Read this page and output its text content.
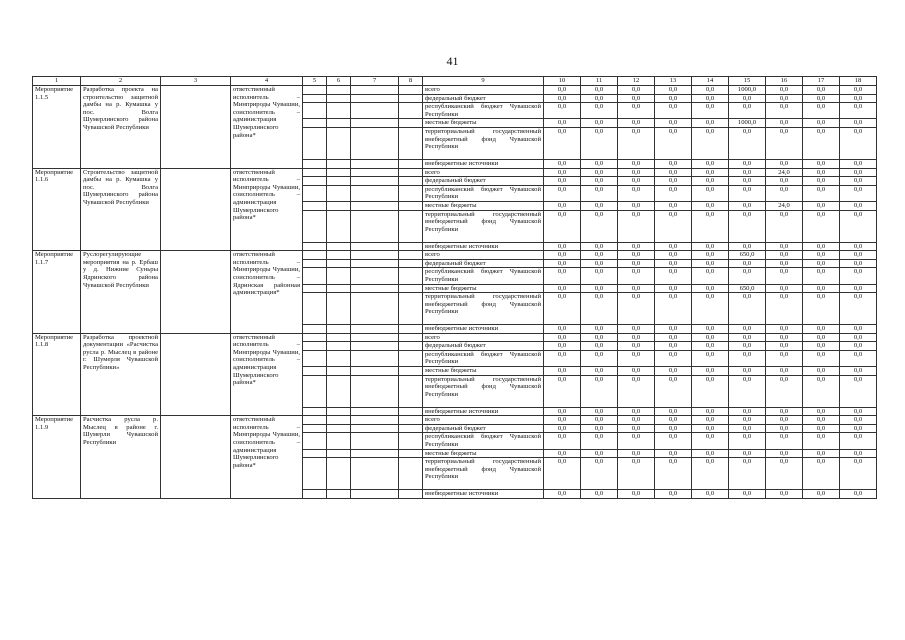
41
1	2	3	4	5	6	7	8	9	10	11	12	13	14	15	16	17	18
Мероприятие 1.1.5	Разработка проекта на строительство защитной дамбы на р. Кумашка у пос. Волга Шумерлинского района Чувашской Республики		ответственный исполнитель – Минприроды Чувашии, соисполнитель – администрация Шумерлинского района*					всего	0,0	0,0	0,0	0,0	0,0	1000,0	0,0	0,0	0,0
								федеральный бюджет	0,0	0,0	0,0	0,0	0,0	0,0	0,0	0,0	0,0
								республиканский бюджет Чувашской Республики	0,0	0,0	0,0	0,0	0,0	0,0	0,0	0,0	0,0
								местные бюджеты	0,0	0,0	0,0	0,0	0,0	1000,0	0,0	0,0	0,0
								территориальный государственный внебюджетный фонд Чувашской Республики	0,0	0,0	0,0	0,0	0,0	0,0	0,0	0,0	0,0
								внебюджетные источники	0,0	0,0	0,0	0,0	0,0	0,0	0,0	0,0	0,0
Мероприятие 1.1.6	Строительство защитной дамбы на р. Кумашка у пос. Волга Шумерлинского района Чувашской Республики		ответственный исполнитель – Минприроды Чувашии, соисполнитель – администрация Шумерлинского района*					всего	0,0	0,0	0,0	0,0	0,0	0,0	24,0	0,0	0,0
								федеральный бюджет	0,0	0,0	0,0	0,0	0,0	0,0	0,0	0,0	0,0
								республиканский бюджет Чувашской Республики	0,0	0,0	0,0	0,0	0,0	0,0	0,0	0,0	0,0
								местные бюджеты	0,0	0,0	0,0	0,0	0,0	0,0	24,0	0,0	0,0
								территориальный государственный внебюджетный фонд Чувашской Республики	0,0	0,0	0,0	0,0	0,0	0,0	0,0	0,0	0,0
								внебюджетные источники	0,0	0,0	0,0	0,0	0,0	0,0	0,0	0,0	0,0
Мероприятие 1.1.7	Руслорегулирующие мероприятия на р. Ербаш у д. Нижние Суньры Ядринского района Чувашской Республики		ответственный исполнитель – Минприроды Чувашии, соисполнитель – Ядринская районная администрация*					всего	0,0	0,0	0,0	0,0	0,0	650,0	0,0	0,0	0,0
								федеральный бюджет	0,0	0,0	0,0	0,0	0,0	0,0	0,0	0,0	0,0
								республиканский бюджет Чувашской Республики	0,0	0,0	0,0	0,0	0,0	0,0	0,0	0,0	0,0
								местные бюджеты	0,0	0,0	0,0	0,0	0,0	650,0	0,0	0,0	0,0
								территориальный государственный внебюджетный фонд Чувашской Республики	0,0	0,0	0,0	0,0	0,0	0,0	0,0	0,0	0,0
								внебюджетные источники	0,0	0,0	0,0	0,0	0,0	0,0	0,0	0,0	0,0
Мероприятие 1.1.8	Разработка проектной документации «Расчистка русла р. Мыслец в районе г. Шумерля Чувашской Республики»		ответственный исполнитель – Минприроды Чувашии, соисполнитель – администрация Шумерлинского района*					всего	0,0	0,0	0,0	0,0	0,0	0,0	0,0	0,0	0,0
								федеральный бюджет	0,0	0,0	0,0	0,0	0,0	0,0	0,0	0,0	0,0
								республиканский бюджет Чувашской Республики	0,0	0,0	0,0	0,0	0,0	0,0	0,0	0,0	0,0
								местные бюджеты	0,0	0,0	0,0	0,0	0,0	0,0	0,0	0,0	0,0
								территориальный государственный внебюджетный фонд Чувашской Республики	0,0	0,0	0,0	0,0	0,0	0,0	0,0	0,0	0,0
								внебюджетные источники	0,0	0,0	0,0	0,0	0,0	0,0	0,0	0,0	0,0
Мероприятие 1.1.9	Расчистка русла р. Мыслец в районе г. Шумерли Чувашской Республики		ответственный исполнитель – Минприроды Чувашии, соисполнитель – администрация Шумерлинского района*					всего	0,0	0,0	0,0	0,0	0,0	0,0	0,0	0,0	0,0
								федеральный бюджет	0,0	0,0	0,0	0,0	0,0	0,0	0,0	0,0	0,0
								республиканский бюджет Чувашской Республики	0,0	0,0	0,0	0,0	0,0	0,0	0,0	0,0	0,0
								местные бюджеты	0,0	0,0	0,0	0,0	0,0	0,0	0,0	0,0	0,0
								территориальный государственный внебюджетный фонд Чувашской Республики	0,0	0,0	0,0	0,0	0,0	0,0	0,0	0,0	0,0
								внебюджетные источники	0,0	0,0	0,0	0,0	0,0	0,0	0,0	0,0	0,0
